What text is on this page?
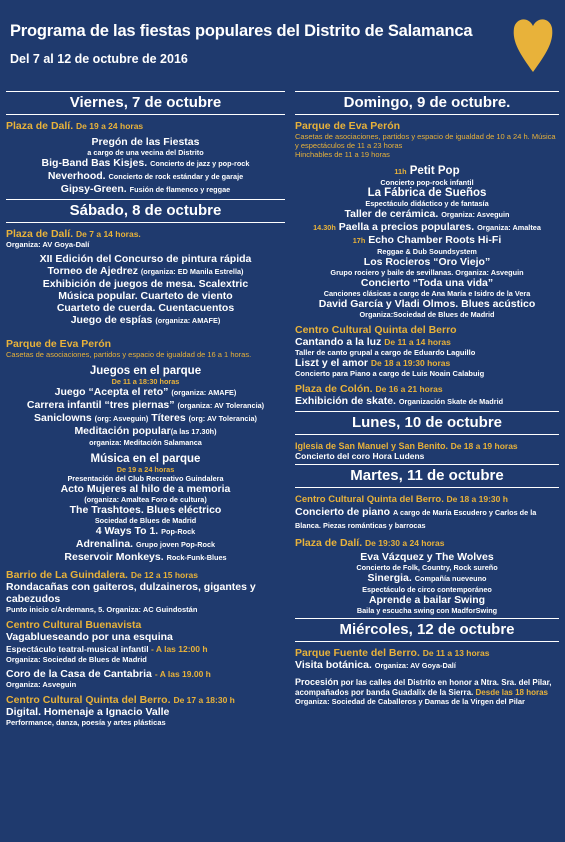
Programa de las fiestas populares del Distrito de Salamanca
Del 7 al 12 de octubre de 2016
Viernes, 7 de octubre
Plaza de Dalí. De 19 a 24 horas
Pregón de las Fiestas
a cargo de una vecina del Distrito
Big-Band Bas Kisjes. Concierto de jazz y pop-rock
Neverhood. Concierto de rock estándar y de garaje
Gipsy-Green. Fusión de flamenco y reggae
Sábado, 8 de octubre
Plaza de Dalí. De 7 a 14 horas.
Organiza: AV Goya-Dalí
XII Edición del Concurso de pintura rápida
Torneo de Ajedrez (organiza: ED Manila Estrella)
Exhibición de juegos de mesa. Scalextric
Música popular. Cuarteto de viento
Cuarteto de cuerda. Cuentacuentos
Juego de espías (organiza: AMAFE)
Parque de Eva Perón
Casetas de asociaciones, partidos y espacio de igualdad de 16 a 1 horas.
Juegos en el parque
De 11 a 18:30 horas
Juego “Acepta el reto” (organiza: AMAFE)
Carrera infantil “tres piernas” (organiza: AV Tolerancia)
Saniclowns (org: Asveguin) Títeres (org: AV Tolerancia)
Meditación popular(a las 17.30h)
organiza: Meditación Salamanca
Música en el parque
De 19 a 24 horas
Presentación del Club Recreativo Guindalera
Acto Mujeres al hilo de a memoria
(organiza: Amaltea Foro de cultura)
The Trashtoes. Blues eléctrico
Sociedad de Blues de Madrid
4 Ways To 1. Pop-Rock
Adrenalina. Grupo joven Pop-Rock
Reservoir Monkeys. Rock-Funk-Blues
Barrio de La Guindalera. De 12 a 15 horas
Rondacañas con gaiteros, dulzaineros, gigantes y cabezudos
Punto inicio c/Ardemans, 5. Organiza: AC Guindostán
Centro Cultural Buenavista
Vagablueseando por una esquina
Espectáculo teatral-musical infantil - A las 12:00 h
Organiza: Sociedad de Blues de Madrid
Coro de la Casa de Cantabria - A las 19.00 h
Organiza: Asveguin
Centro Cultural Quinta del Berro. De 17 a 18:30 h
Digital. Homenaje a Ignacio Valle
Performance, danza, poesía y artes plásticas
Domingo, 9 de octubre.
Parque de Eva Perón
Casetas de asociaciones, partidos y espacio de igualdad de 10 a 24 h. Música y espectáculos de 11 a 23 horas
Hinchables de 11 a 19 horas
11h Petit Pop
Concierto pop-rock infantil
La Fábrica de Sueños
Espectáculo didáctico y de fantasía
Taller de cerámica. Organiza: Asveguin
14.30h Paella a precios populares. Organiza: Amaltea
17h Echo Chamber Roots Hi-Fi
Reggae & Dub Soundsystem
Los Rocieros “Oro Viejo”
Grupo rociero y baile de sevillanas. Organiza: Asveguin
Concierto “Toda una vida”
Canciones clásicas a cargo de Ana María e Isidro de la Vera
David García y Vladi Olmos. Blues acústico
Organiza:Sociedad de Blues de Madrid
Centro Cultural Quinta del Berro
Cantando a la luz De 11 a 14 horas
Taller de canto grupal a cargo de Eduardo Laguillo
Liszt y el amor De 18 a 19:30 horas
Concierto para Piano a cargo de Luis Noain Calabuig
Plaza de Colón. De 16 a 21 horas
Exhibición de skate. Organización Skate de Madrid
Lunes, 10 de octubre
Iglesia de San Manuel y San Benito. De 18 a 19 horas
Concierto del coro Hora Ludens
Martes, 11 de octubre
Centro Cultural Quinta del Berro. De 18 a 19:30 h
Concierto de piano A cargo de María Escudero y Carlos de la Blanca. Piezas románticas y barrocas
Plaza de Dalí. De 19:30 a 24 horas
Eva Vázquez y The Wolves
Concierto de Folk, Country, Rock sureño
Sinergia. Compañía nueveuno
Espectáculo de circo contemporáneo
Aprende a bailar Swing
Baila y escucha swing con MadforSwing
Miércoles, 12 de octubre
Parque Fuente del Berro. De 11 a 13 horas
Visita botánica. Organiza: AV Goya-Dalí
Procesión por las calles del Distrito en honor a Ntra. Sra. del Pilar, acompañados por banda Guadalix de la Sierra. Desde las 18 horas
Organiza: Sociedad de Caballeros y Damas de la Virgen del Pilar
